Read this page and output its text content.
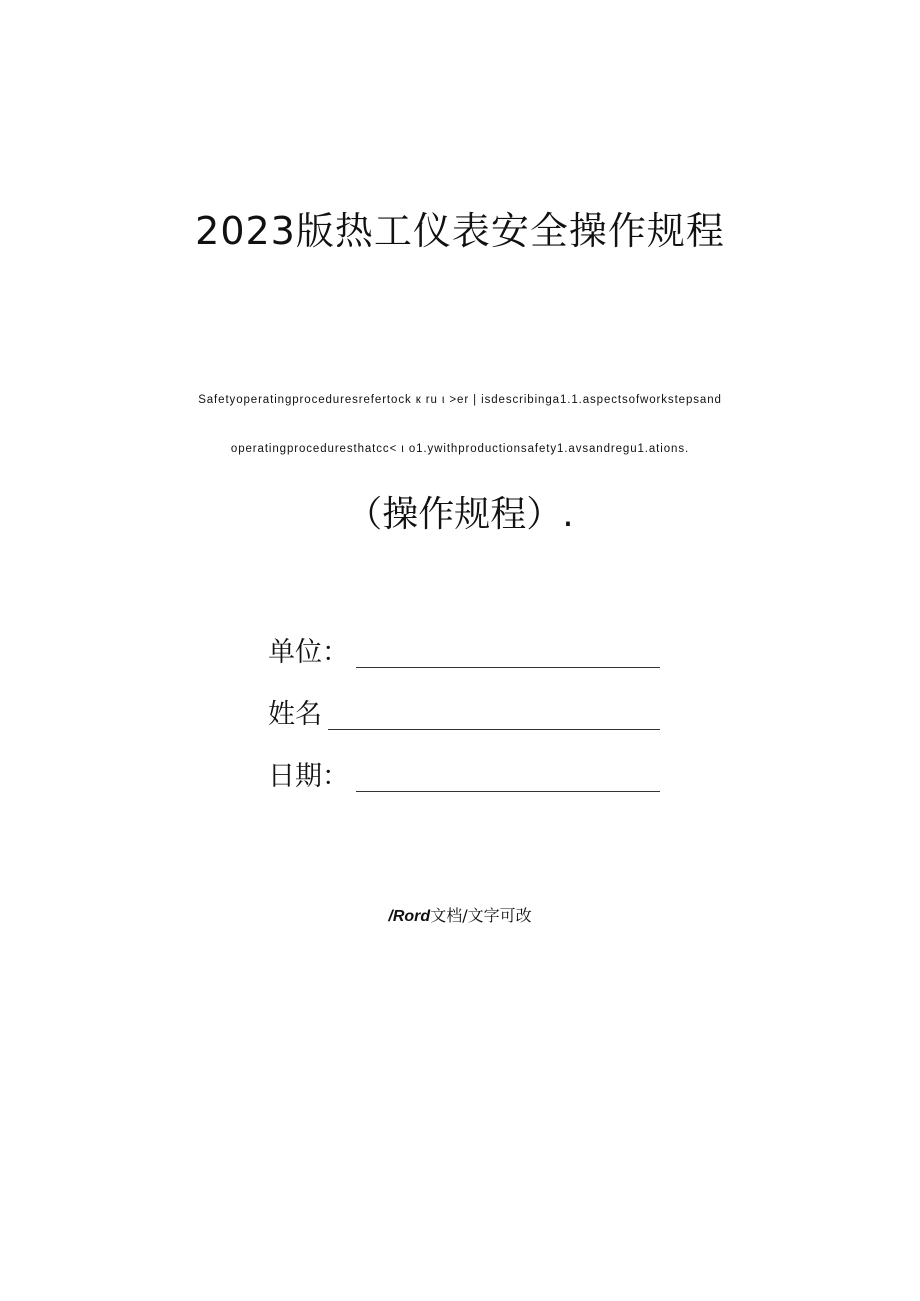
2023版热工仪表安全操作规程
Safetyoperatingproceduresrefertock к ru ι >er | isdescribinga1.1.aspectsofworkstepsand
operatingproceduresthatcc< ι o1.ywithproductionsafety1.avsandregu1.ations.
（操作规程）.
单位：
姓名
日期：
/Rord文档/文字可改
